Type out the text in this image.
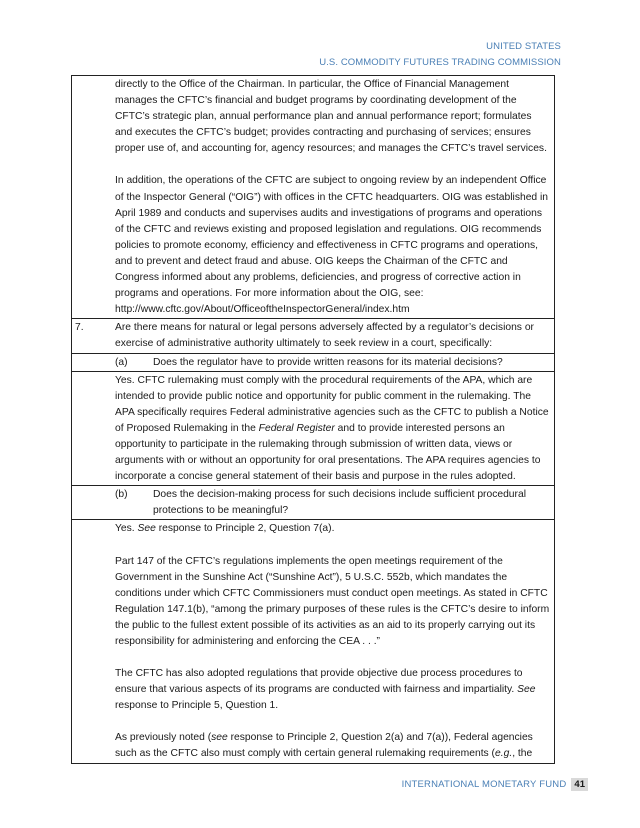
UNITED STATES
U.S. COMMODITY FUTURES TRADING COMMISSION

directly to the Office of the Chairman. In particular, the Office of Financial Management manages the CFTC’s financial and budget programs by coordinating development of the CFTC’s strategic plan, annual performance plan and annual performance report; formulates and executes the CFTC’s budget; provides contracting and purchasing of services; ensures proper use of, and accounting for, agency resources; and manages the CFTC’s travel services.

In addition, the operations of the CFTC are subject to ongoing review by an independent Office of the Inspector General (“OIG”) with offices in the CFTC headquarters. OIG was established in April 1989 and conducts and supervises audits and investigations of programs and operations of the CFTC and reviews existing and proposed legislation and regulations. OIG recommends policies to promote economy, efficiency and effectiveness in CFTC programs and operations, and to prevent and detect fraud and abuse. OIG keeps the Chairman of the CFTC and Congress informed about any problems, deficiencies, and progress of corrective action in programs and operations. For more information about the OIG, see: http://www.cftc.gov/About/OfficeoftheInspectorGeneral/index.htm

7.	Are there means for natural or legal persons adversely affected by a regulator’s decisions or exercise of administrative authority ultimately to seek review in a court, specifically:

(a)	Does the regulator have to provide written reasons for its material decisions?

Yes. CFTC rulemaking must comply with the procedural requirements of the APA, which are intended to provide public notice and opportunity for public comment in the rulemaking. The APA specifically requires Federal administrative agencies such as the CFTC to publish a Notice of Proposed Rulemaking in the Federal Register and to provide interested persons an opportunity to participate in the rulemaking through submission of written data, views or arguments with or without an opportunity for oral presentations. The APA requires agencies to incorporate a concise general statement of their basis and purpose in the rules adopted.

(b)	Does the decision-making process for such decisions include sufficient procedural protections to be meaningful?

Yes. See response to Principle 2, Question 7(a).

Part 147 of the CFTC’s regulations implements the open meetings requirement of the Government in the Sunshine Act (“Sunshine Act”), 5 U.S.C. 552b, which mandates the conditions under which CFTC Commissioners must conduct open meetings. As stated in CFTC Regulation 147.1(b), “among the primary purposes of these rules is the CFTC’s desire to inform the public to the fullest extent possible of its activities as an aid to its properly carrying out its responsibility for administering and enforcing the CEA . . .”

The CFTC has also adopted regulations that provide objective due process procedures to ensure that various aspects of its programs are conducted with fairness and impartiality. See response to Principle 5, Question 1.

As previously noted (see response to Principle 2, Question 2(a) and 7(a)), Federal agencies such as the CFTC also must comply with certain general rulemaking requirements (e.g., the

INTERNATIONAL MONETARY FUND 41
